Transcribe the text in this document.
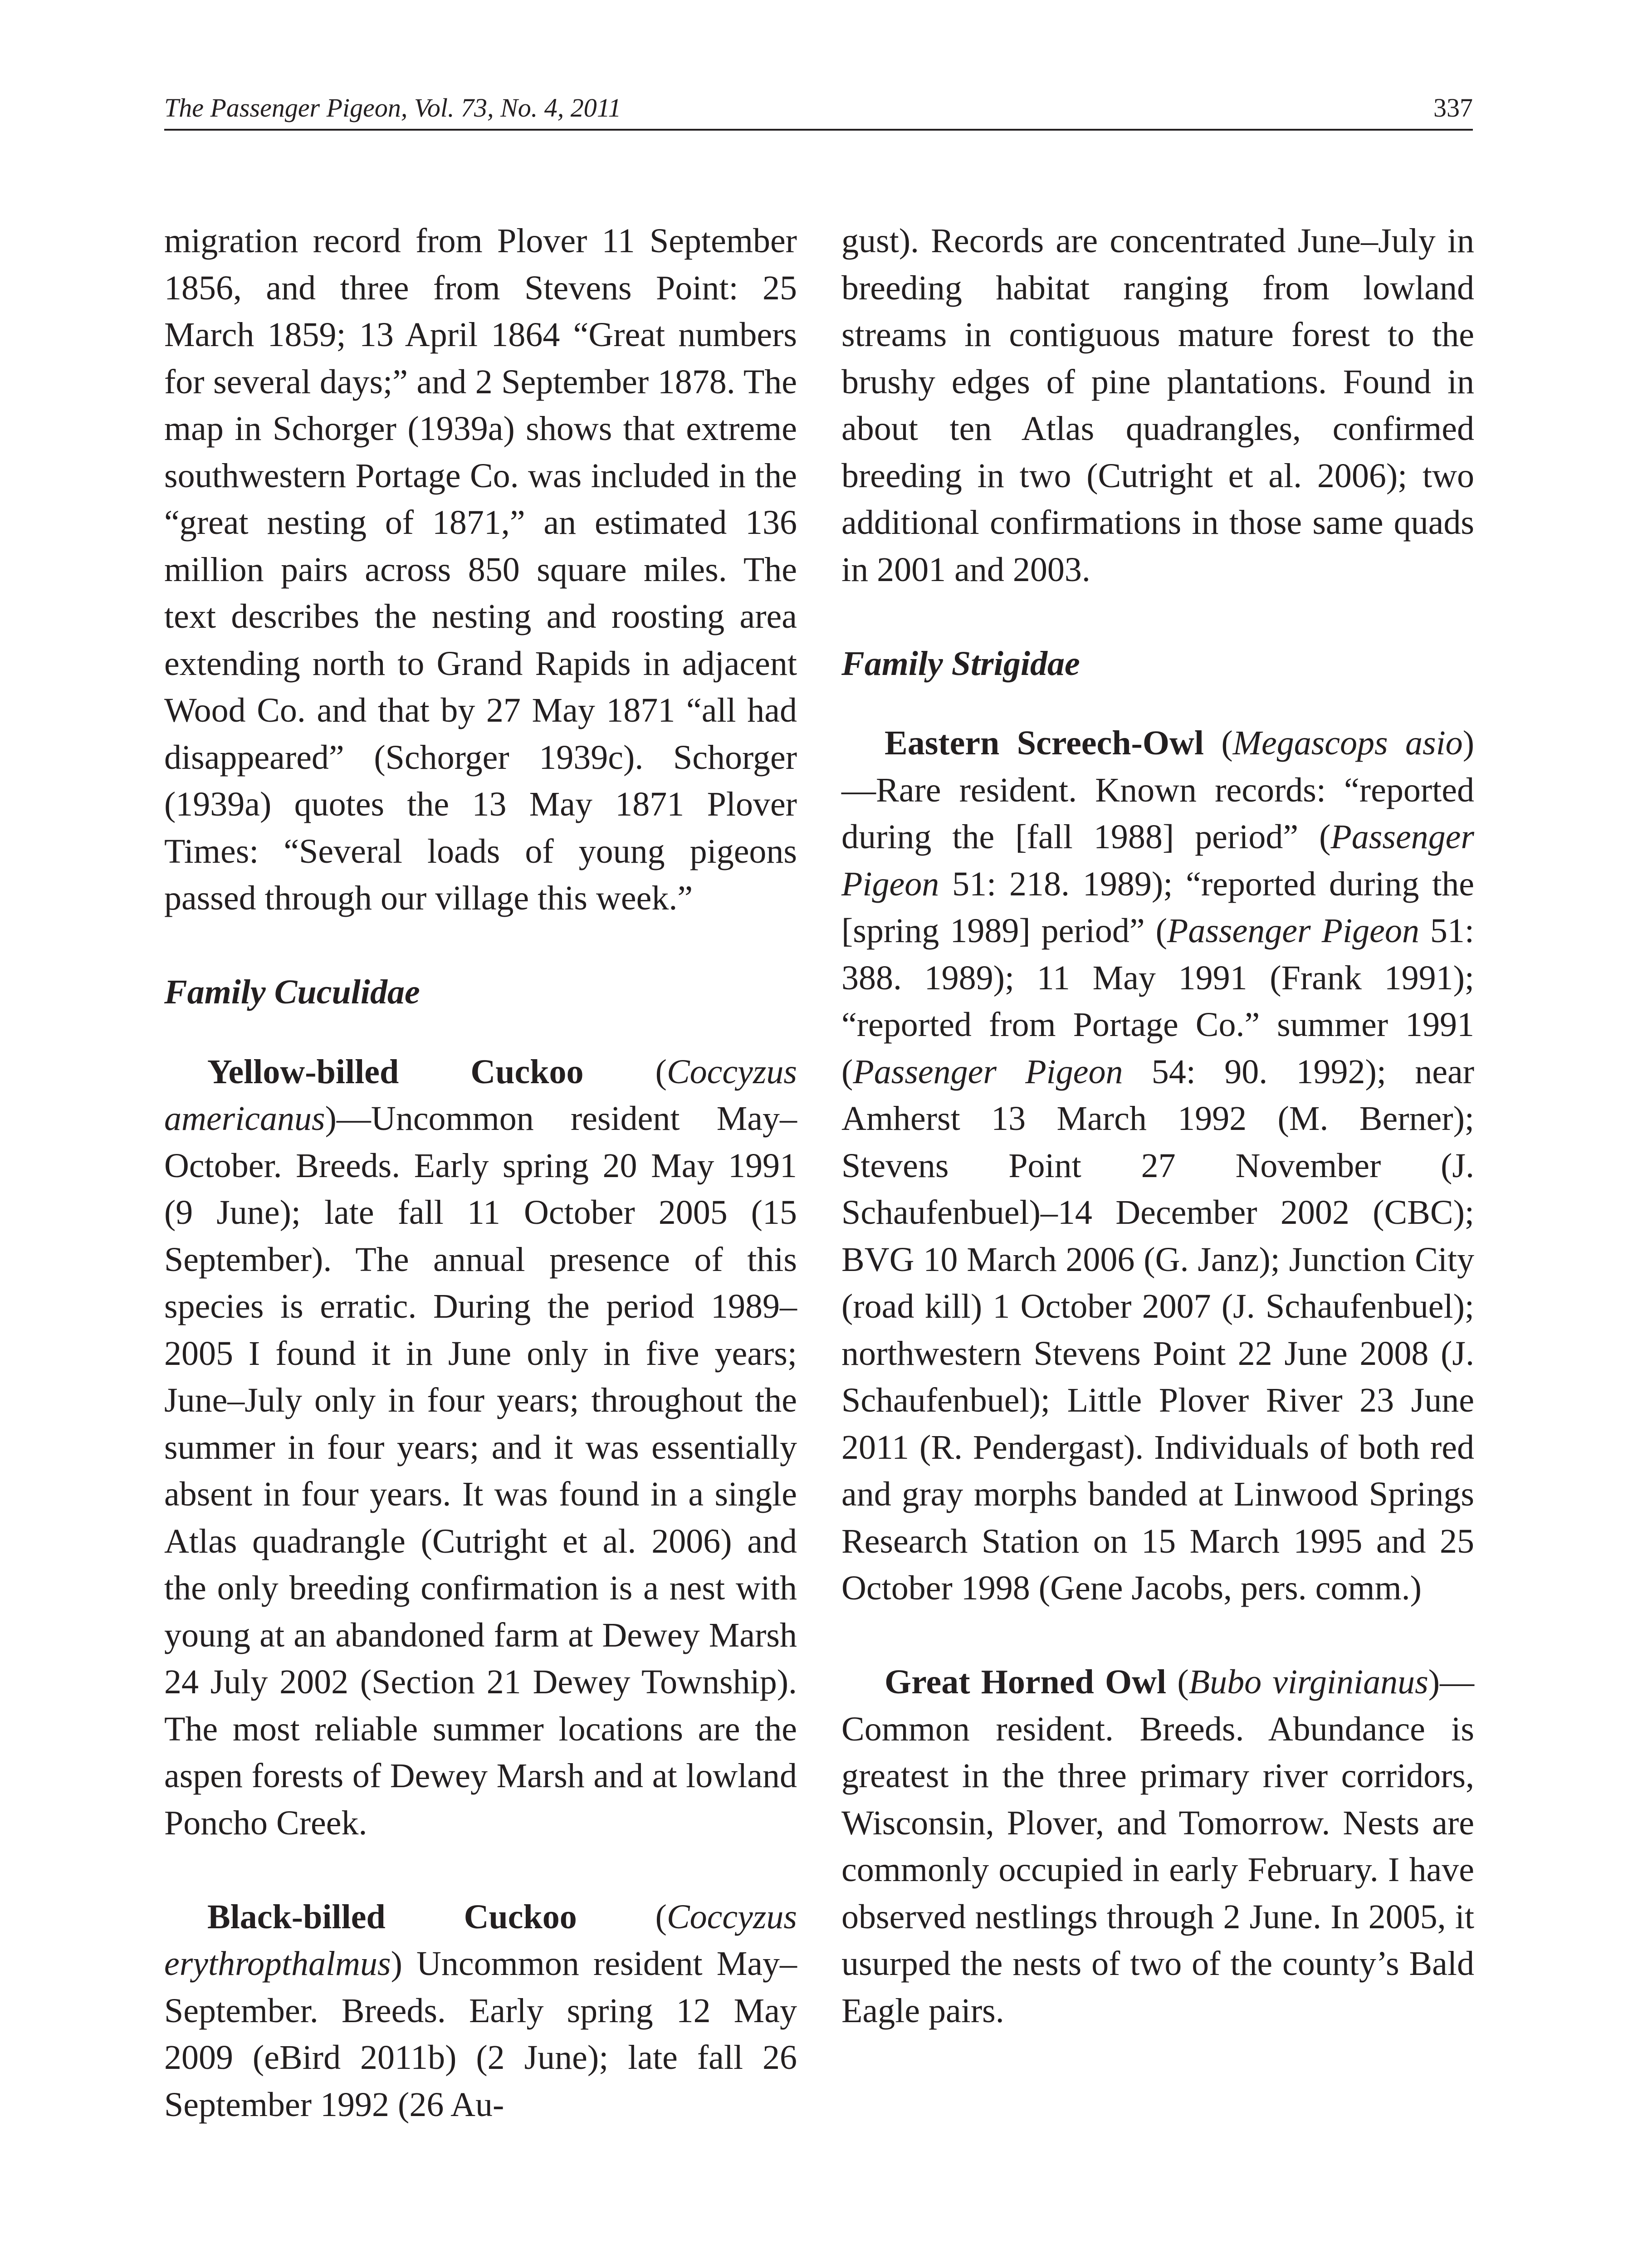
The Passenger Pigeon, Vol. 73, No. 4, 2011	337

migration record from Plover 11 September 1856, and three from Stevens Point: 25 March 1859; 13 April 1864 “Great numbers for several days;” and 2 September 1878. The map in Schorger (1939a) shows that extreme southwestern Portage Co. was included in the “great nesting of 1871,” an estimated 136 million pairs across 850 square miles. The text describes the nesting and roosting area extending north to Grand Rapids in adjacent Wood Co. and that by 27 May 1871 “all had disappeared” (Schorger 1939c). Schorger (1939a) quotes the 13 May 1871 Plover Times: “Several loads of young pigeons passed through our village this week.”

Family Cuculidae

Yellow-billed Cuckoo (Coccyzus americanus)—Uncommon resident May–October. Breeds. Early spring 20 May 1991 (9 June); late fall 11 October 2005 (15 September). The annual presence of this species is erratic. During the period 1989–2005 I found it in June only in five years; June–July only in four years; throughout the summer in four years; and it was essentially absent in four years. It was found in a single Atlas quadrangle (Cutright et al. 2006) and the only breeding confirmation is a nest with young at an abandoned farm at Dewey Marsh 24 July 2002 (Section 21 Dewey Township). The most reliable summer locations are the aspen forests of Dewey Marsh and at lowland Poncho Creek.

Black-billed Cuckoo (Coccyzus erythropthalmus) Uncommon resident May–September. Breeds. Early spring 12 May 2009 (eBird 2011b) (2 June); late fall 26 September 1992 (26 Au-

gust). Records are concentrated June–July in breeding habitat ranging from lowland streams in contiguous mature forest to the brushy edges of pine plantations. Found in about ten Atlas quadrangles, confirmed breeding in two (Cutright et al. 2006); two additional confirmations in those same quads in 2001 and 2003.

Family Strigidae

Eastern Screech-Owl (Megascops asio)—Rare resident. Known records: “reported during the [fall 1988] period” (Passenger Pigeon 51: 218. 1989); “reported during the [spring 1989] period” (Passenger Pigeon 51: 388. 1989); 11 May 1991 (Frank 1991); “reported from Portage Co.” summer 1991 (Passenger Pigeon 54: 90. 1992); near Amherst 13 March 1992 (M. Berner); Stevens Point 27 November (J. Schaufenbuel)–14 December 2002 (CBC); BVG 10 March 2006 (G. Janz); Junction City (road kill) 1 October 2007 (J. Schaufenbuel); northwestern Stevens Point 22 June 2008 (J. Schaufenbuel); Little Plover River 23 June 2011 (R. Pendergast). Individuals of both red and gray morphs banded at Linwood Springs Research Station on 15 March 1995 and 25 October 1998 (Gene Jacobs, pers. comm.)

Great Horned Owl (Bubo virginianus)—Common resident. Breeds. Abundance is greatest in the three primary river corridors, Wisconsin, Plover, and Tomorrow. Nests are commonly occupied in early February. I have observed nestlings through 2 June. In 2005, it usurped the nests of two of the county’s Bald Eagle pairs.
